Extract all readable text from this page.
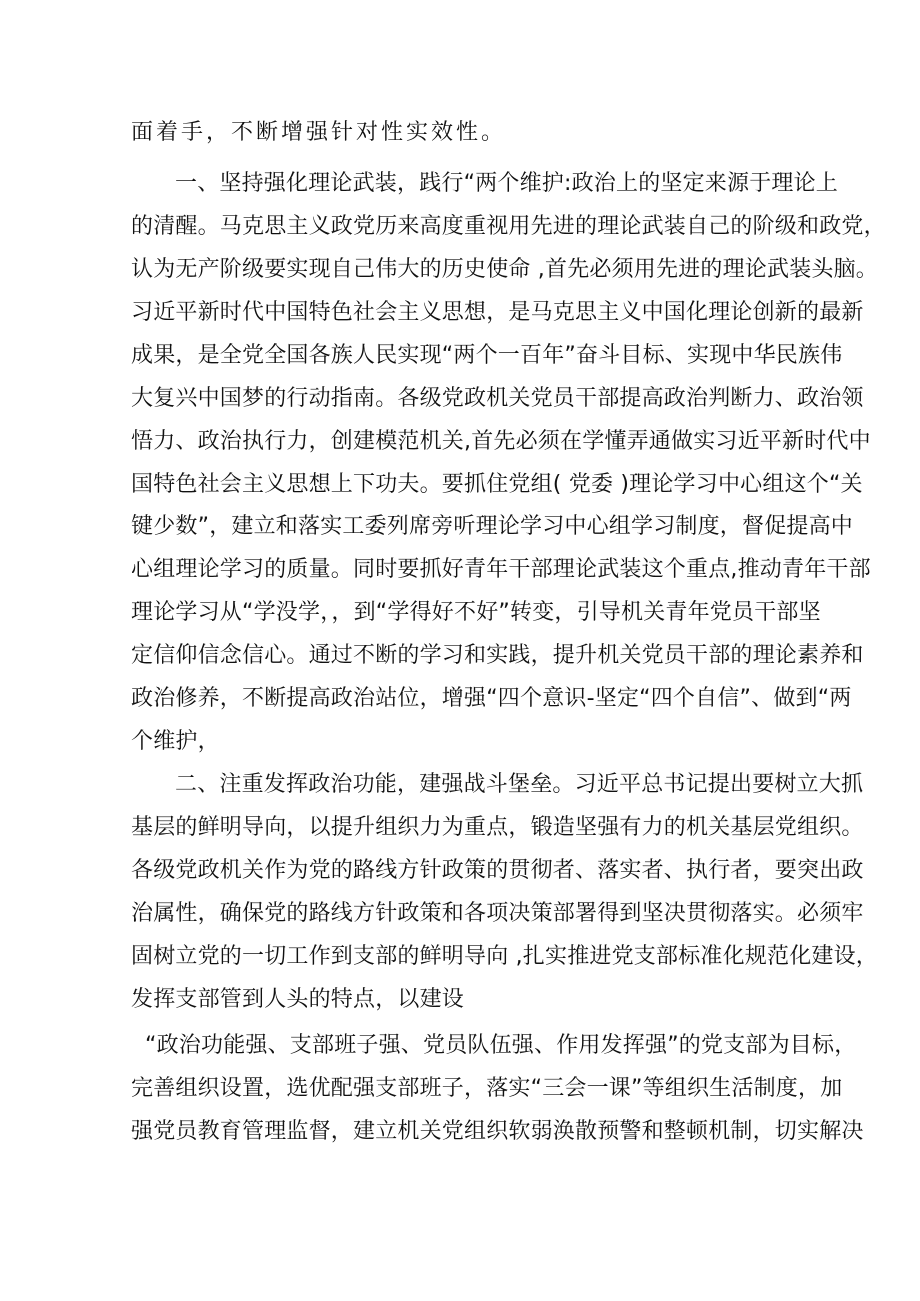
面着手，不断增强针对性实效性。
一、坚持强化理论武装，践行“两个维护:政治上的坚定来源于理论上
的清醒。马克思主义政党历来高度重视用先进的理论武装自己的阶级和政党，
认为无产阶级要实现自己伟大的历史使命 ,首先必须用先进的理论武装头脑。
习近平新时代中国特色社会主义思想，是马克思主义中国化理论创新的最新
成果，是全党全国各族人民实现“两个一百年”奋斗目标、实现中华民族伟
大复兴中国梦的行动指南。各级党政机关党员干部提高政治判断力、政治领
悟力、政治执行力，创建模范机关,首先必须在学懂弄通做实习近平新时代中
国特色社会主义思想上下功夫。要抓住党组( 党委 )理论学习中心组这个“关
键少数”，建立和落实工委列席旁听理论学习中心组学习制度，督促提高中
心组理论学习的质量。同时要抓好青年干部理论武装这个重点,推动青年干部
理论学习从“学没学，，到“学得好不好”转变，引导机关青年党员干部坚
定信仰信念信心。通过不断的学习和实践，提升机关党员干部的理论素养和
政治修养，不断提高政治站位，增强“四个意识-坚定“四个自信”、做到“两
个维护，
二、注重发挥政治功能，建强战斗堡垒。习近平总书记提出要树立大抓
基层的鲜明导向，以提升组织力为重点，锻造坚强有力的机关基层党组织。
各级党政机关作为党的路线方针政策的贯彻者、落实者、执行者，要突出政
治属性，确保党的路线方针政策和各项决策部署得到坚决贯彻落实。必须牢
固树立党的一切工作到支部的鲜明导向 ,扎实推进党支部标准化规范化建设，
发挥支部管到人头的特点，以建设
“政治功能强、支部班子强、党员队伍强、作用发挥强”的党支部为目标，
完善组织设置，选优配强支部班子，落实“三会一课”等组织生活制度，加
强党员教育管理监督，建立机关党组织软弱涣散预警和整顿机制，切实解决
